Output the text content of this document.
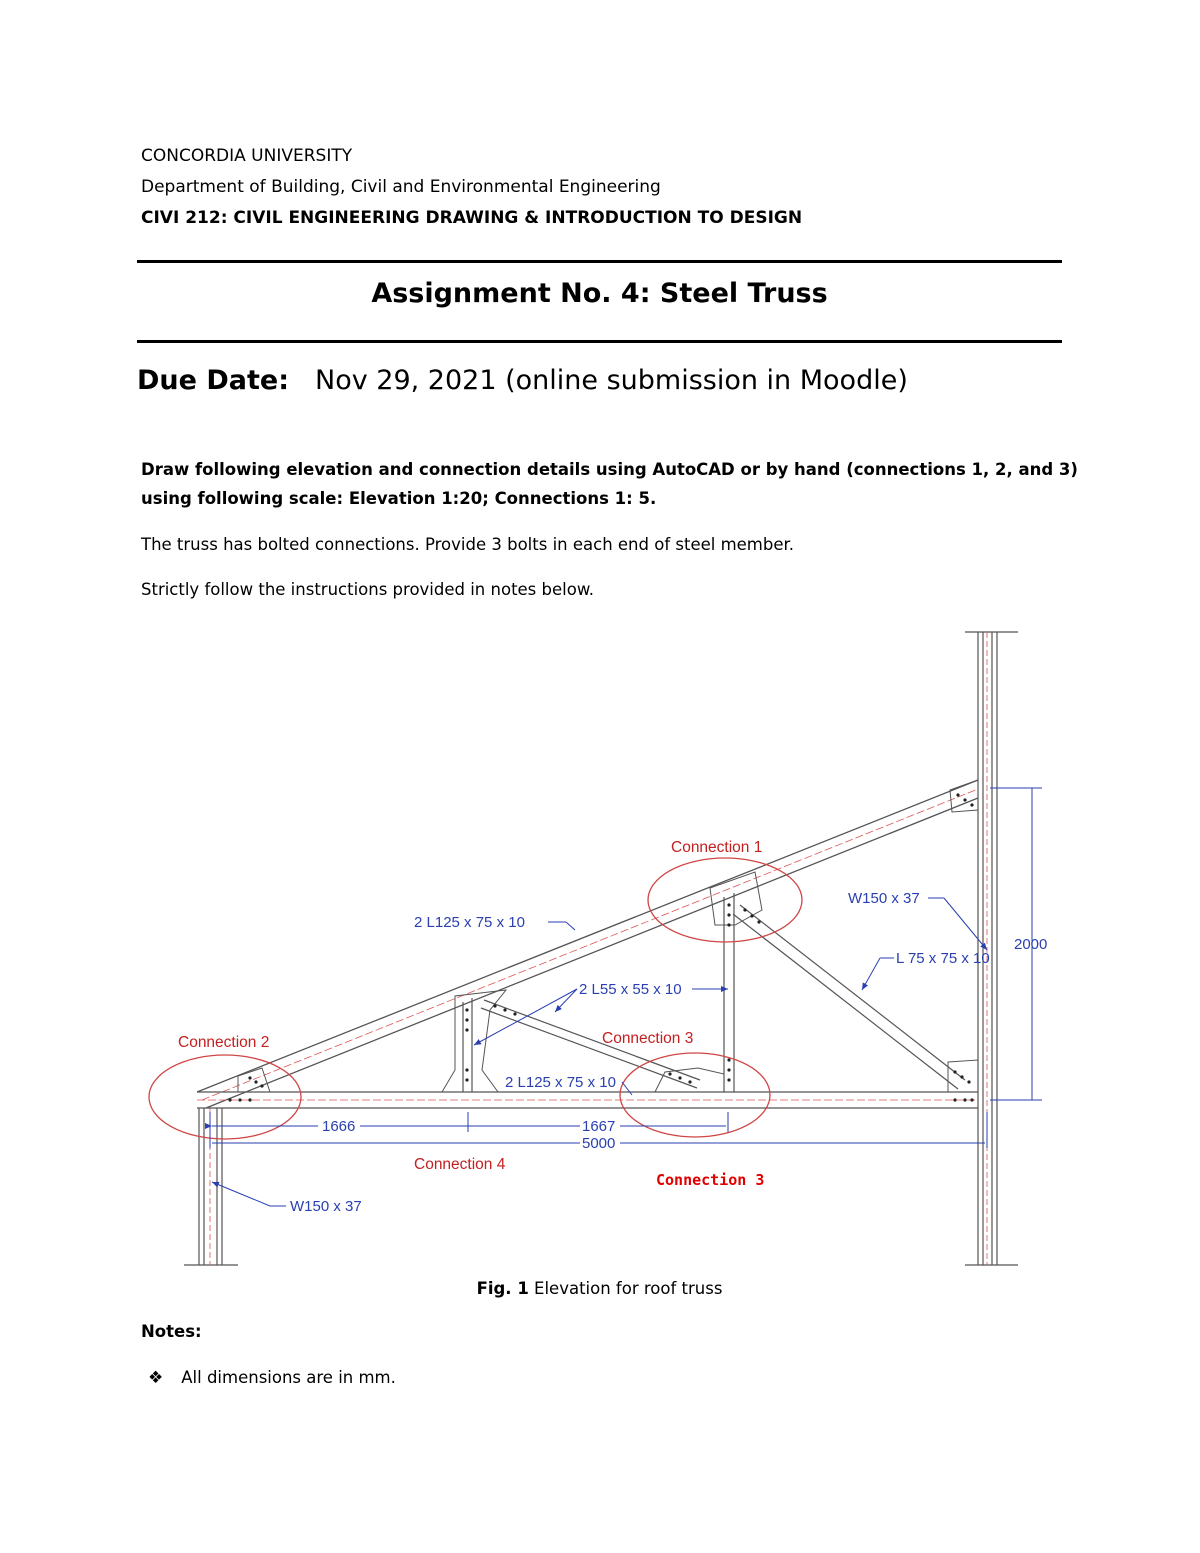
CONCORDIA UNIVERSITY
Department of Building, Civil and Environmental Engineering
CIVI 212: CIVIL ENGINEERING DRAWING & INTRODUCTION TO DESIGN
Assignment No. 4: Steel Truss
Due Date: Nov 29, 2021 (online submission in Moodle)
Draw following elevation and connection details using AutoCAD or by hand (connections 1, 2, and 3)
using following scale: Elevation 1:20; Connections 1: 5.
The truss has bolted connections. Provide 3 bolts in each end of steel member.
Strictly follow the instructions provided in notes below.
Connection 1
Connection 2	Connection 3
Connection 4
Connection 3
2 L125 x 75 x 10
2 L55 x 55 x 10
2 L125 x 75 x 10
W150 x 37
L 75 x 75 x 10
W150 x 37
2000
1666	1667
5000
Fig. 1 Elevation for roof truss
Notes:
❖ All dimensions are in mm.
